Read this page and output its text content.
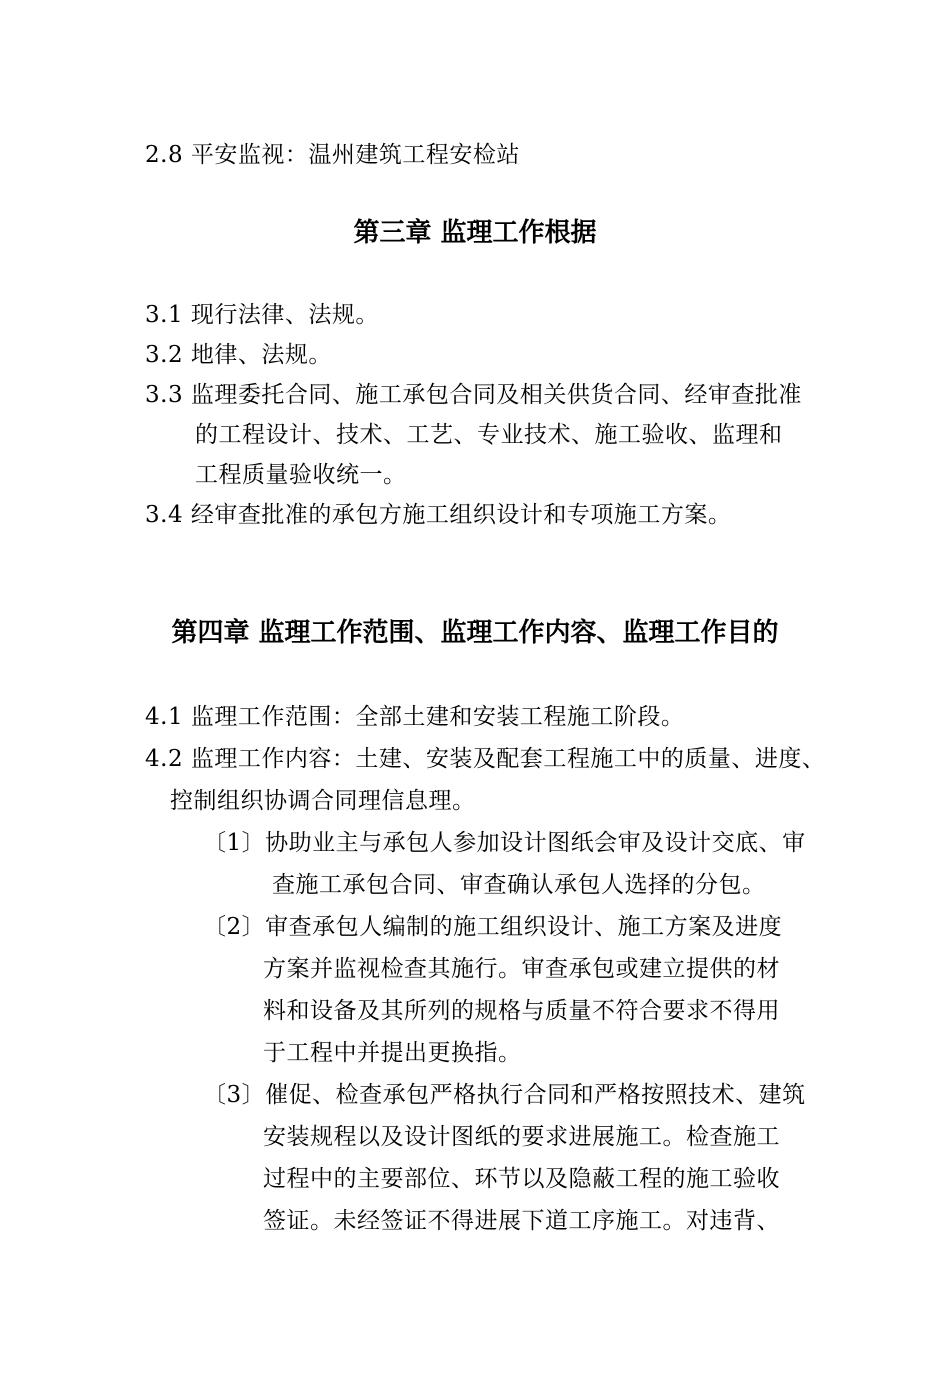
2.8 平安监视：温州建筑工程安检站
第三章 监理工作根据
3.1 现行法律、法规。
3.2 地律、法规。
3.3 监理委托合同、施工承包合同及相关供货合同、经审查批准
的工程设计、技术、工艺、专业技术、施工验收、监理和
工程质量验收统一。
3.4 经审查批准的承包方施工组织设计和专项施工方案。
第四章 监理工作范围、监理工作内容、监理工作目的
4.1 监理工作范围：全部土建和安装工程施工阶段。
4.2 监理工作内容：土建、安装及配套工程施工中的质量、进度、
控制组织协调合同理信息理。
〔1〕协助业主与承包人参加设计图纸会审及设计交底、审
查施工承包合同、审查确认承包人选择的分包。
〔2〕审查承包人编制的施工组织设计、施工方案及进度
方案并监视检查其施行。审查承包或建立提供的材
料和设备及其所列的规格与质量不符合要求不得用
于工程中并提出更换指。
〔3〕催促、检查承包严格执行合同和严格按照技术、建筑
安装规程以及设计图纸的要求进展施工。检查施工
过程中的主要部位、环节以及隐蔽工程的施工验收
签证。未经签证不得进展下道工序施工。对违背、
